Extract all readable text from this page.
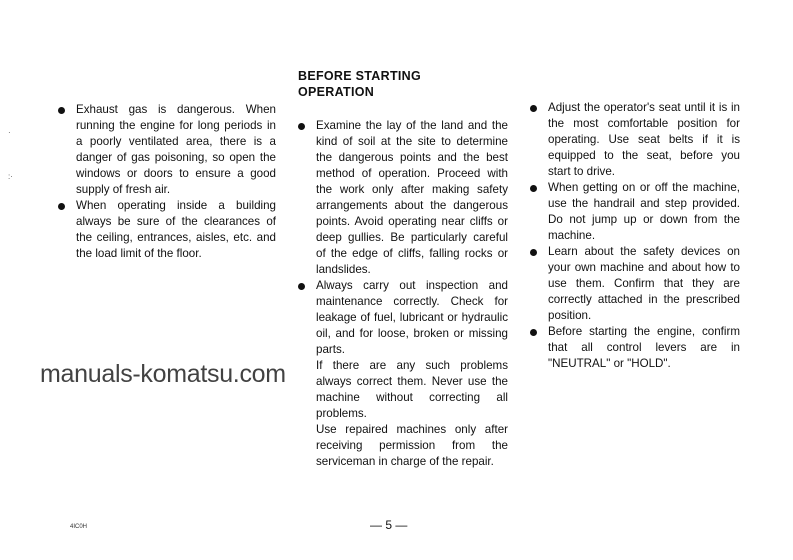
·
:·
BEFORE STARTING
OPERATION

Exhaust gas is dangerous. When running the engine for long periods in a poorly ventilated area, there is a danger of gas poisoning, so open the windows or doors to ensure a good supply of fresh air.

When operating inside a building always be sure of the clearances of the ceiling, entrances, aisles, etc. and the load limit of the floor.

Examine the lay of the land and the kind of soil at the site to determine the dangerous points and the best method of operation. Proceed with the work only after making safety arrangements about the dangerous points. Avoid operating near cliffs or deep gullies. Be particularly careful of the edge of cliffs, falling rocks or landslides.

Always carry out inspection and maintenance correctly. Check for leakage of fuel, lubricant or hydraulic oil, and for loose, broken or missing parts.

If there are any such problems always correct them. Never use the machine without correcting all problems.

Use repaired machines only after receiving permission from the serviceman in charge of the repair.

Adjust the operator's seat until it is in the most comfortable position for operating. Use seat belts if it is equipped to the seat, before you start to drive.

When getting on or off the machine, use the handrail and step provided. Do not jump up or down from the machine.

Learn about the safety devices on your own machine and about how to use them. Confirm that they are correctly attached in the prescribed position.

Before starting the engine, confirm that all control levers are in "NEUTRAL" or "HOLD".

manuals-komatsu.com
— 5 —
4IC0H
